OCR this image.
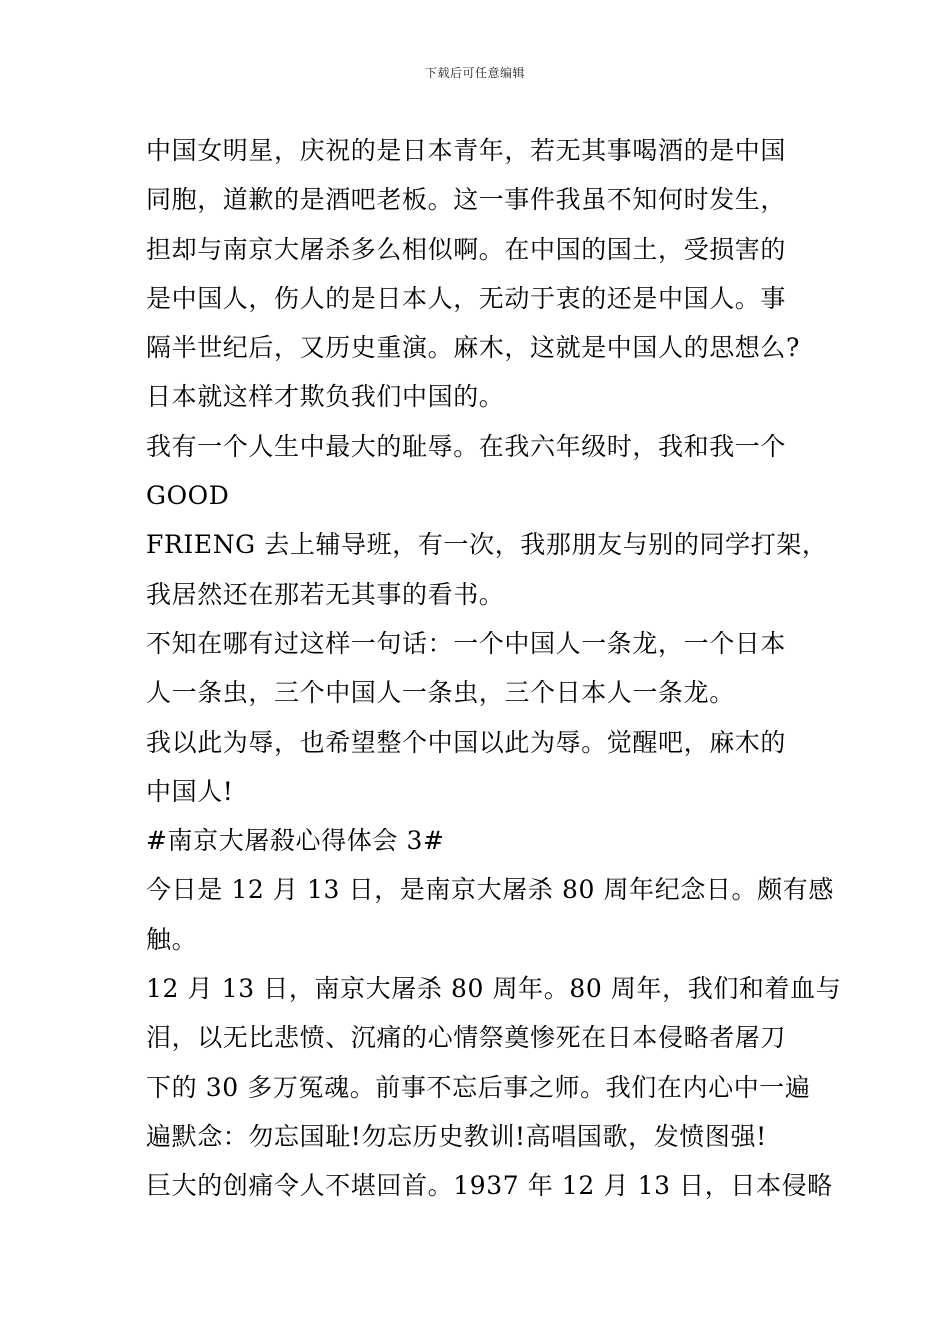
下载后可任意编辑
中国女明星，庆祝的是日本青年，若无其事喝酒的是中国
同胞，道歉的是酒吧老板。这一事件我虽不知何时发生，
担却与南京大屠杀多么相似啊。在中国的国土，受损害的
是中国人，伤人的是日本人，无动于衷的还是中国人。事
隔半世纪后，又历史重演。麻木，这就是中国人的思想么?
日本就这样才欺负我们中国的。
我有一个人生中最大的耻辱。在我六年级时，我和我一个
GOOD
FRIENG 去上辅导班，有一次，我那朋友与别的同学打架，
我居然还在那若无其事的看书。
不知在哪有过这样一句话：一个中国人一条龙，一个日本
人一条虫，三个中国人一条虫，三个日本人一条龙。
我以此为辱，也希望整个中国以此为辱。觉醒吧，麻木的
中国人!
#南京大屠殺心得体会 3#
今日是 12 月 13 日，是南京大屠杀 80 周年纪念日。颇有感
触。
12 月 13 日，南京大屠杀 80 周年。80 周年，我们和着血与
泪，以无比悲愤、沉痛的心情祭奠惨死在日本侵略者屠刀
下的 30 多万冤魂。前事不忘后事之师。我们在内心中一遍
遍默念：勿忘国耻!勿忘历史教训!高唱国歌，发愤图强!
巨大的创痛令人不堪回首。1937 年 12 月 13 日，日本侵略
